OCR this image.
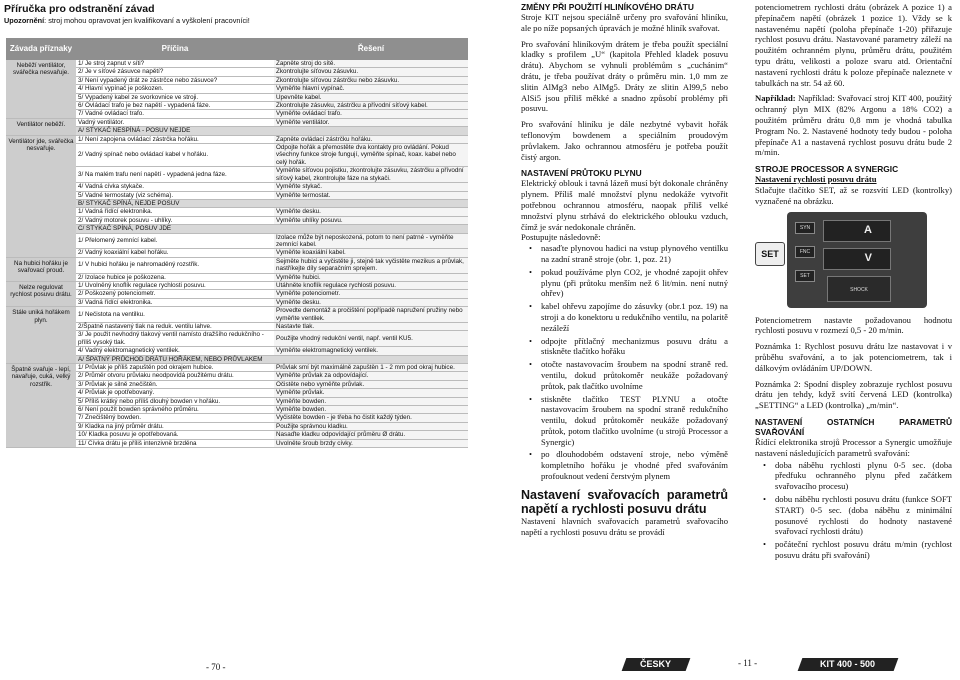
Příručka pro odstranění závad
Upozornění: stroj mohou opravovat jen kvalifikovaní a vyškolení pracovníci!
Závada příznaky	Příčina	Řešení
Neběží ventilátor, svářečka nesvařuje.	1/ Je stroj zapnut v síti?	Zapněte stroj do sítě.
	2/ Je v síťové zásuvce napětí?	Zkontrolujte síťovou zásuvku.
	3/ Není vypadený drát ze zástrčce nebo zásuvce?	Zkontrolujte síťovou zástrčku nebo zásuvku.
	4/ Hlavní vypínač je poškozen.	Vyměňte hlavní vypínač.
	5/ Vypadený kabel ze svorkovnice ve stroji.	Upevněte kabel.
	6/ Ovládací trafo je bez napětí - vypadená fáze.	Zkontrolujte zásuvku, zástrčku a přívodní síťový kabel.
	7/ Vadné ovládací trafo.	Vyměňte ovládací trafo.
Ventilátor neběží.	Vadný ventilátor.	Vyměňte ventilátor.
	A/ STYKAČ NESPÍNÁ - POSUV NEJDE	
Ventilátor jde, svářečka nesvařuje.	1/ Není zapojena ovládací zástrčka hořáku.	Zapněte ovládací zástrčku hořáku.
	2/ Vadný spínač nebo ovládací kabel v hořáku.	Odpojte hořák a přemostěte dva kontakty pro ovládání. Pokud všechny funkce stroje fungují, vyměňte spínač, koax. kabel nebo celý hořák.
	3/ Na malém trafu není napětí - vypadená jedna fáze.	Vyměňte síťovou pojistku, zkontrolujte zásuvku, zástrčku a přívodní síťový kabel, zkontrolujte fáze na stykači.
	4/ Vadná cívka stykače.	Vyměňte stykač.
	5/ Vadné termostaty (viz schéma).	Vyměňte termostat.
	B/ STYKAČ SPÍNÁ, NEJDE POSUV	
	1/ Vadná řídící elektronika.	Vyměňte desku.
	2/ Vadný motorek posuvu - uhlíky.	Vyměňte uhlíky posuvu.
	C/ STYKAČ SPÍNÁ, POSUV JDE	
	1/ Přelomený zemnící kabel.	Izolace může být neposkozená, potom to není patrné - vyměňte zemnící kabel.
	2/ Vadný koaxiální kabel hořáku.	Vyměňte koaxiální kabel.
Na hubici hořáku je svařovací proud.	1/ V hubici hořáku je nahromaděný rozstřik.	Sejměte hubici a vyčistěte ji, stejně tak vyčistěte mezikus a průvlak, nastříkejte díly separačním sprejem.
	2/ Izolace hubice je poškozena.	Vyměňte hubici.
Nelze regulovat rychlost posuvu drátu.	1/ Uvolněný knoflík regulace rychlosti posuvu.	Utáhněte knoflík regulace rychlosti posuvu.
	2/ Poškozený potenciometr.	Vyměňte potenciometr.
	3/ Vadná řídící elektronika.	Vyměňte desku.
Stále uniká hořákem plyn.	1/ Nečistota na ventilku.	Provedte demontáž a pročištění popřípadě napružení pružiny nebo vyměňte ventilek.
	2/Špatně nastavený tlak na reduk. ventilu lahve.	Nastavte tlak.
	3/ Je použit nevhodný tlakový ventil namísto dražšího redukčního - příliš vysoký tlak.	Použijte vhodný redukční ventil, např. ventil KU5.
	4/ Vadný elektromagnetický ventilek.	Vyměňte elektromagnetický ventilek.
	A/ ŠPATNÝ PRŮCHOD DRÁTU HOŘÁKEM, NEBO PRŮVLAKEM	
Špatně svařuje - lepí, navařuje, cuká, velký rozstřik.	1/ Průvlak je příliš zapuštěn pod okrajem hubice.	Průvlak smí být maximálně zapuštěn 1 - 2 mm pod okraj hubice.
	2/ Průměr otvoru průvlaku neodpovídá použitému drátu.	Vyměňte průvlak za odpovídající.
	3/ Průvlak je silně znečištěn.	Očistěte nebo vyměňte průvlak.
	4/ Průvlak je opotřebovaný.	Vyměňte průvlak.
	5/ Příliš krátký nebo příliš dlouhý bowden v hořáku.	Vyměňte bowden.
	6/ Není použit bowden správného průměru.	Vyměňte bowden.
	7/ Znečištěný bowden.	Vyčistěte bowden - je třeba ho čistit každý týden.
	9/ Kladka na jiný průměr drátu.	Použijte správnou kladku.
	10/ Kladka posuvu je opotřebovaná.	Nasaďte kladku odpovídající průměru Ø drátu.
	11/ Cívka drátu je příliš intenzivně brzděna	Uvolněte šroub brzdy cívky.
- 70 -
ZMĚNY PŘI POUŽITÍ HLINÍKOVÉHO DRÁTU

Stroje KIT nejsou speciálně určeny pro svařování hliníku, ale po níže popsaných úpravách je možné hliník svařovat.

Pro svařování hliníkovým drátem je třeba použít speciální kladky s profilem „U“ (kapitola Přehled kladek posuvu drátu). Abychom se vyhnuli problémům s „cuchánim“ drátu, je třeba používat dráty o průměru min. 1,0 mm ze slitin AlMg3 nebo AlMg5. Dráty ze slitin Al99,5 nebo AlSi5 jsou příliš měkké a snadno způsobí problémy při posuvu.

Pro svařování hliníku je dále nezbytné vybavit hořák teflonovým bowdenem a speciálním proudovým průvlakem. Jako ochrannou atmosféru je potřeba použít čistý argon.

NASTAVENÍ PRŮTOKU PLYNU

Elektrický oblouk i tavná lázeň musí být dokonale chráněny plynem. Příliš malé množství plynu nedokáže vytvořit potřebnou ochrannou atmosféru, naopak příliš velké množství plynu strhává do elektrického oblouku vzduch, čímž je svár nedokonale chráněn.

Postupujte následovně:

• nasaďte plynovou hadici na vstup plynového ventilku na zadní straně stroje (obr. 1, poz. 21)
• pokud používáme plyn CO2, je vhodné zapojit ohřev plynu (při průtoku menším než 6 lit/min. není nutný ohřev)
• kabel ohřevu zapojíme do zásuvky (obr.1 poz. 19) na stroji a do konektoru u redukčního ventilu, na polaritě nezáleží
• odpojte přítlačný mechanizmus posuvu drátu a stiskněte tlačítko hořáku
• otočte nastavovacím šroubem na spodní straně red. ventilu, dokud průtokoměr neukáže požadovaný průtok, pak tlačítko uvolníme
• stiskněte tlačítko TEST PLYNU a otočte nastavovacím šroubem na spodní straně redukčního ventilu, dokud průtokoměr neukáže požadovaný průtok, potom tlačítko uvolníme (u strojů Processor a Synergic)
• po dlouhodobém odstavení stroje, nebo výměně kompletního hořáku je vhodné před svařováním profouknout vedení čerstvým plynem
Nastavení svařovacích parametrů napětí a rychlosti posuvu drátu

Nastavení hlavních svařovacích parametrů svařovacího napětí a rychlosti posuvu drátu se provádí

potenciometrem rychlosti drátu (obrázek A pozice 1) a přepínačem napětí (obrázek 1 pozice 1). Vždy se k nastavenému napětí (poloha přepínače 1-20) přiřazuje rychlost posuvu drátu. Nastavované parametry záleží na použitém ochranném plynu, průměru drátu, použitém typu drátu, velikosti a poloze svaru atd. Orientační nastavení rychlosti drátu k poloze přepínače naleznete v tabulkách na str. 54 až 60.

Například: Například: Svařovací stroj KIT 400, použitý ochranný plyn MIX (82% Argonu a 18% CO2) a použitém průměru drátu 0,8 mm je vhodná tabulka Program No. 2. Nastavené hodnoty tedy budou - poloha přepínače A1 a nastavená rychlost posuvu drátu bude 2 m/min.

STROJE PROCESSOR A SYNERGIC
Nastavení rychlosti posuvu drátu

Stlačujte tlačítko SET, až se rozsvítí LED (kontrolky) vyznačené na obrázku.

SET
SYN
FNC
SET
A
V
SHOCK

Potenciometrem nastavte požadovanou hodnotu rychlosti posuvu v rozmezí 0,5 - 20 m/min.

Poznámka 1: Rychlost posuvu drátu lze nastavovat i v průběhu svařování, a to jak potenciometrem, tak i dálkovým ovládáním UP/DOWN.

Poznámka 2: Spodní displey zobrazuje rychlost posuvu drátu jen tehdy, když svítí červená LED (kontrolka) „SETTING“ a LED (kontrolka) „m/min“.

NASTAVENÍ OSTATNÍCH PARAMETRŮ SVAŘOVÁNÍ

Řídící elektronika strojů Processor a Synergic umožňuje nastavení následujících parametrů svařování:

• doba náběhu rychlosti plynu 0-5 sec. (doba předfuku ochranného plynu před začátkem svařovacího procesu)
• dobu náběhu rychlosti posuvu drátu (funkce SOFT START) 0-5 sec. (doba náběhu z minimální posunové rychlosti do hodnoty nastavené svařovací rychlosti drátu)
• počáteční rychlost posuvu drátu m/min (rychlost posuvu drátu při svařování)
ČESKY	- 11 -	KIT 400 - 500
